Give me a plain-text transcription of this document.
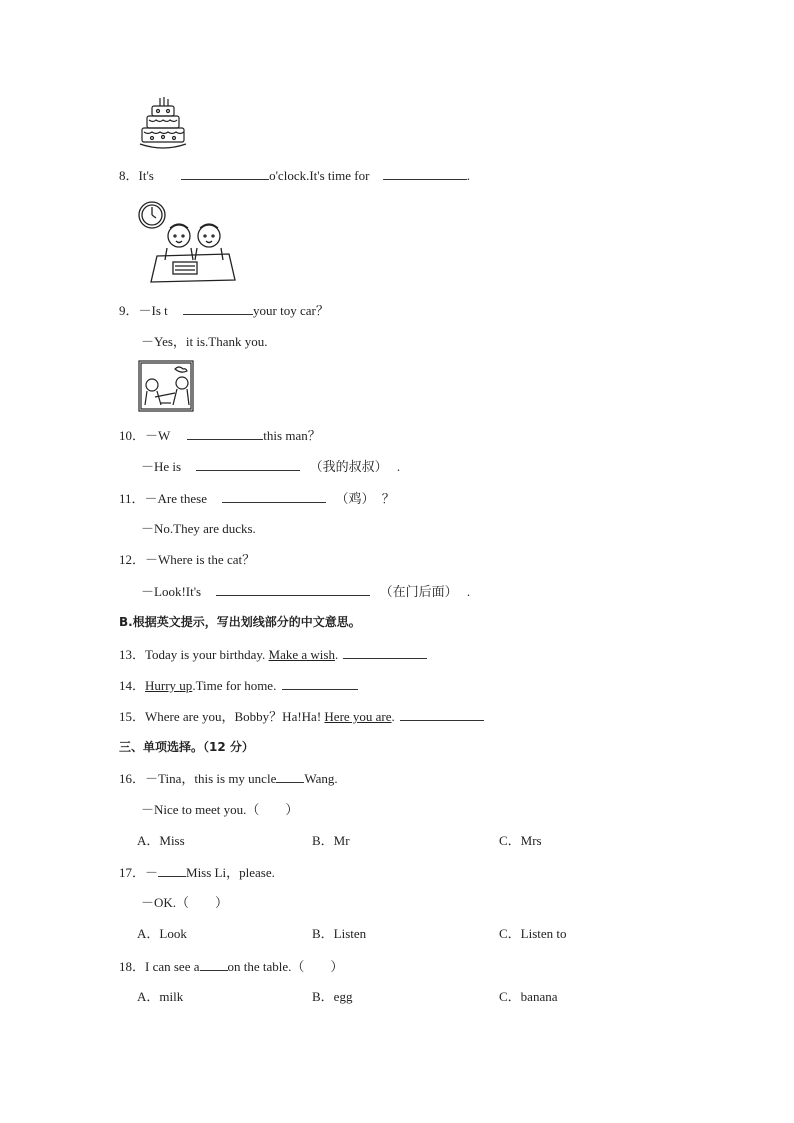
8．It's	o'clock.It's time for	.
9．－Is t	your toy car？
－Yes，it is.Thank you.
10．－W	this man？
－He is	（我的叔叔） .
11．－Are these	（鸡） ？
－No.They are ducks.
12．－Where is the cat？
－Look!It's	（在门后面） .
B.根据英文提示，写出划线部分的中文意思。
13．Today is your birthday. Make a wish.
14．Hurry up.Time for home.
15．Where are you，Bobby？Ha!Ha! Here you are.
三、单项选择。（12 分）
16．－Tina，this is my uncle Wang.
－Nice to meet you.（　　）
A．Miss	B．Mr	C．Mrs
17．－ Miss Li，please.
－OK.（　　）
A．Look	B．Listen	C．Listen to
18．I can see a on the table.（　　）
A．milk	B．egg	C．banana
